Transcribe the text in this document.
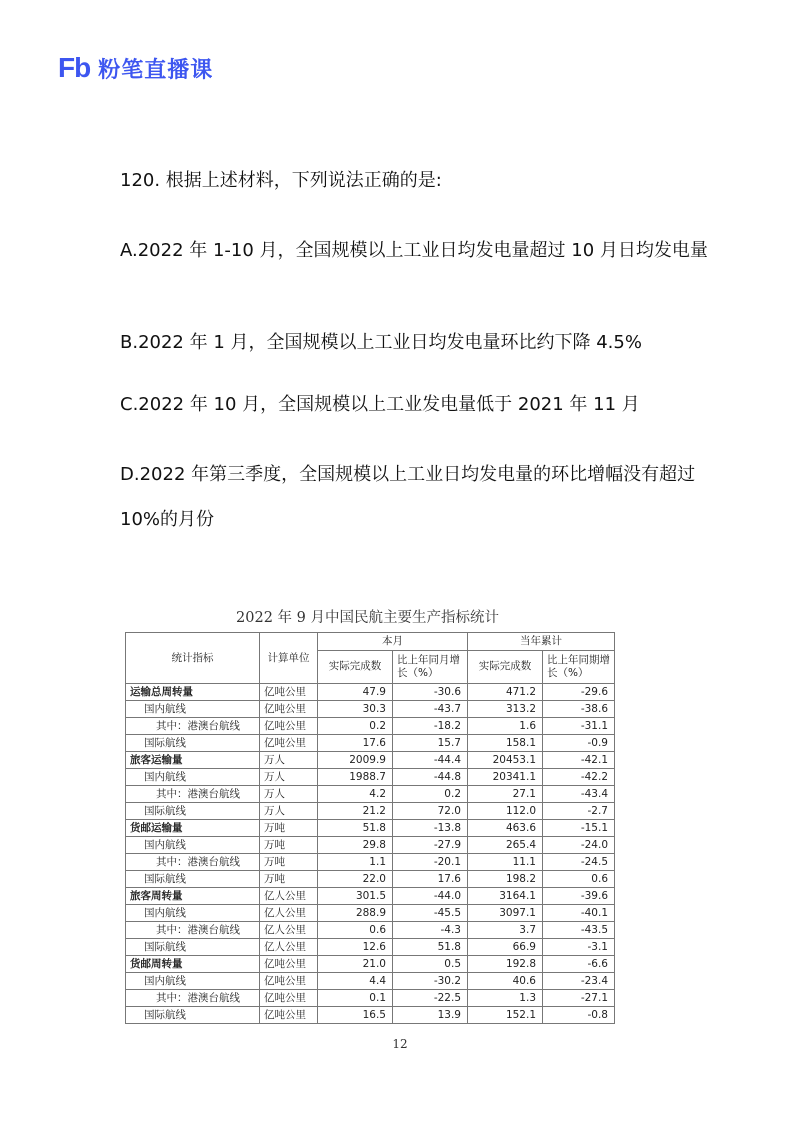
Fb 粉笔直播课
120. 根据上述材料，下列说法正确的是:
A.2022 年 1-10 月，全国规模以上工业日均发电量超过 10 月日均发电量
B.2022 年 1 月，全国规模以上工业日均发电量环比约下降 4.5%
C.2022 年 10 月，全国规模以上工业发电量低于 2021 年 11 月
D.2022 年第三季度，全国规模以上工业日均发电量的环比增幅没有超过 10%的月份
2022 年 9 月中国民航主要生产指标统计
统计指标	计算单位	本月		当年累计	
		实际完成数	比上年同月增长（%）	实际完成数	比上年同期增长（%）
运输总周转量	亿吨公里	47.9	-30.6	471.2	-29.6
国内航线	亿吨公里	30.3	-43.7	313.2	-38.6
其中：港澳台航线	亿吨公里	0.2	-18.2	1.6	-31.1
国际航线	亿吨公里	17.6	15.7	158.1	-0.9
旅客运输量	万人	2009.9	-44.4	20453.1	-42.1
国内航线	万人	1988.7	-44.8	20341.1	-42.2
其中：港澳台航线	万人	4.2	0.2	27.1	-43.4
国际航线	万人	21.2	72.0	112.0	-2.7
货邮运输量	万吨	51.8	-13.8	463.6	-15.1
国内航线	万吨	29.8	-27.9	265.4	-24.0
其中：港澳台航线	万吨	1.1	-20.1	11.1	-24.5
国际航线	万吨	22.0	17.6	198.2	0.6
旅客周转量	亿人公里	301.5	-44.0	3164.1	-39.6
国内航线	亿人公里	288.9	-45.5	3097.1	-40.1
其中：港澳台航线	亿人公里	0.6	-4.3	3.7	-43.5
国际航线	亿人公里	12.6	51.8	66.9	-3.1
货邮周转量	亿吨公里	21.0	0.5	192.8	-6.6
国内航线	亿吨公里	4.4	-30.2	40.6	-23.4
其中：港澳台航线	亿吨公里	0.1	-22.5	1.3	-27.1
国际航线	亿吨公里	16.5	13.9	152.1	-0.8
12
